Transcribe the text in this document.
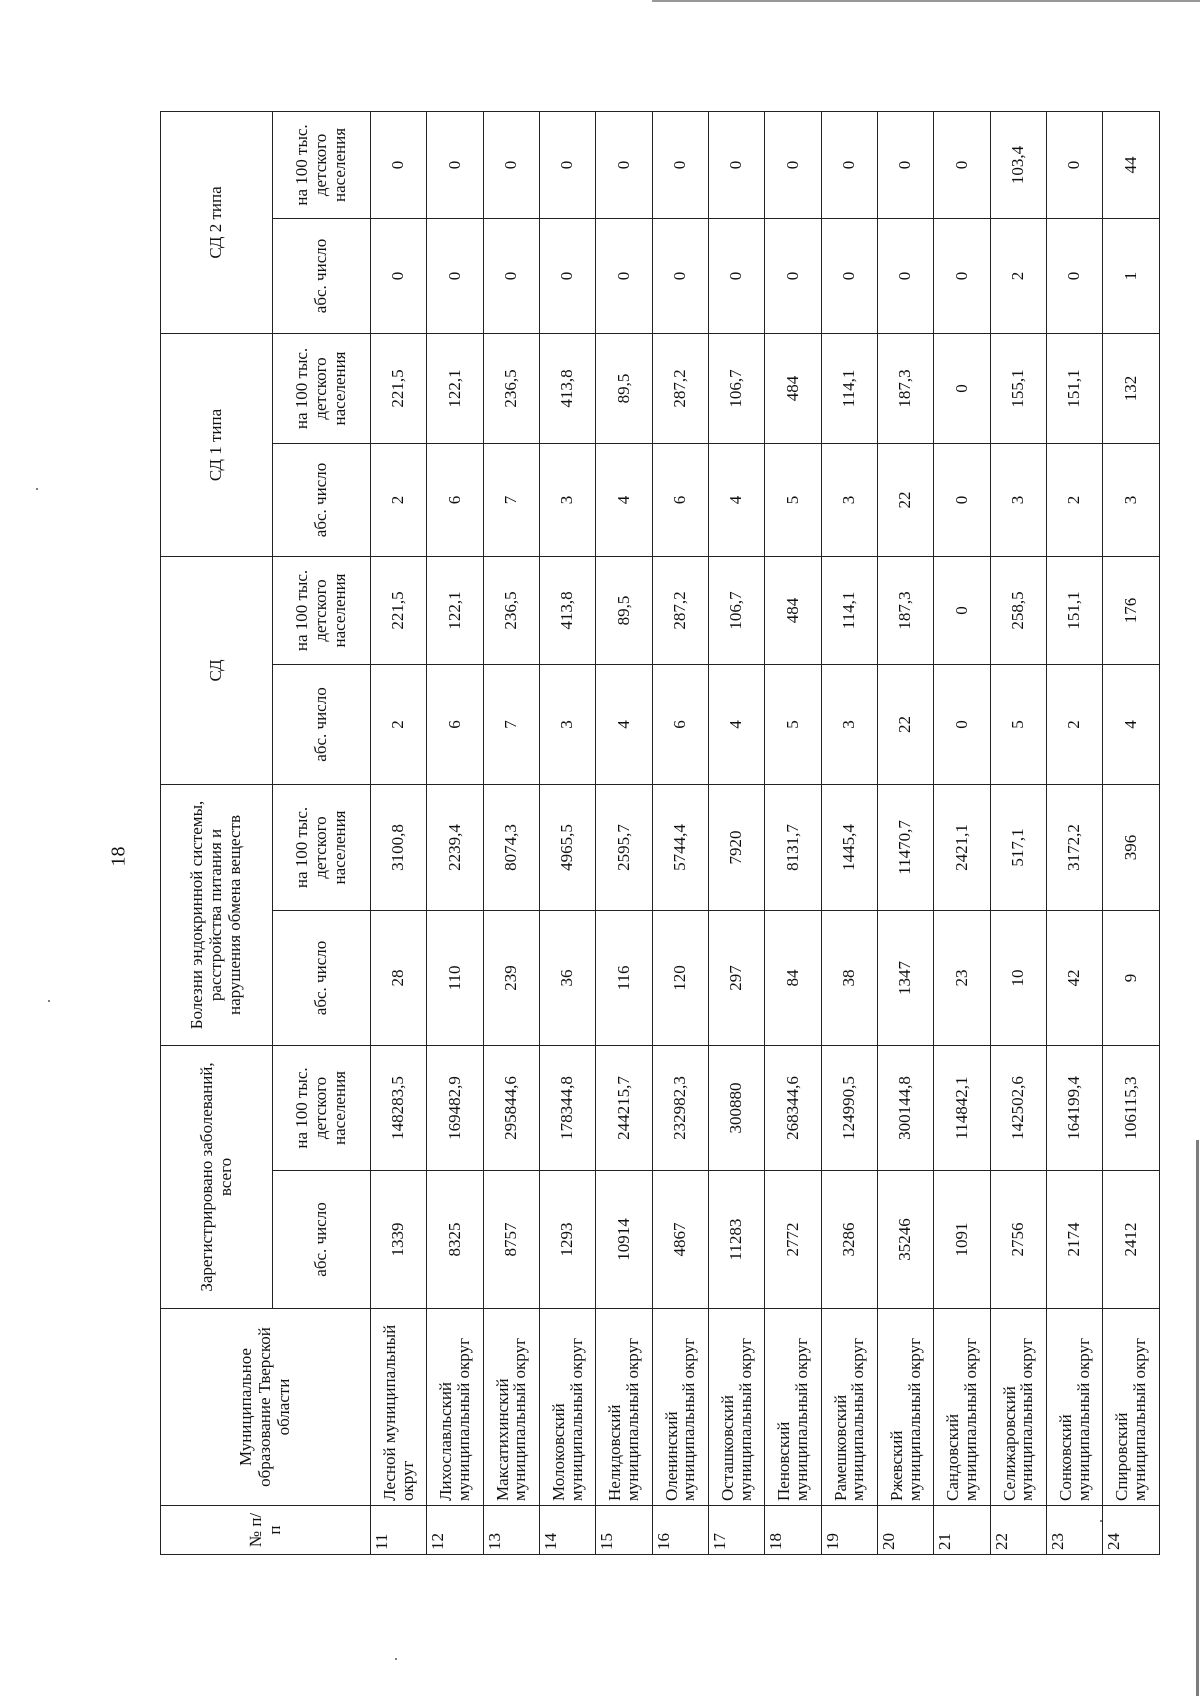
18
№ п/п	Муниципальное образование Тверской области	Зарегистрировано заболеваний, всего		Болезни эндокринной системы, расстройства питания и нарушения обмена веществ		СД		СД 1 типа		СД 2 типа	
		абс. число	на 100 тыс. детского населения	абс. число	на 100 тыс. детского населения	абс. число	на 100 тыс. детского населения	абс. число	на 100 тыс. детского населения	абс. число	на 100 тыс. детского населения
11	Лесной муниципальный округ	1339	148283,5	28	3100,8	2	221,5	2	221,5	0	0
12	Лихославльский муниципальный округ	8325	169482,9	110	2239,4	6	122,1	6	122,1	0	0
13	Максатихинский муниципальный округ	8757	295844,6	239	8074,3	7	236,5	7	236,5	0	0
14	Молоковский муниципальный округ	1293	178344,8	36	4965,5	3	413,8	3	413,8	0	0
15	Нелидовский муниципальный округ	10914	244215,7	116	2595,7	4	89,5	4	89,5	0	0
16	Оленинский муниципальный округ	4867	232982,3	120	5744,4	6	287,2	6	287,2	0	0
17	Осташковский муниципальный округ	11283	300880	297	7920	4	106,7	4	106,7	0	0
18	Пеновский муниципальный округ	2772	268344,6	84	8131,7	5	484	5	484	0	0
19	Рамешковский муниципальный округ	3286	124990,5	38	1445,4	3	114,1	3	114,1	0	0
20	Ржевский муниципальный округ	35246	300144,8	1347	11470,7	22	187,3	22	187,3	0	0
21	Сандовский муниципальный округ	1091	114842,1	23	2421,1	0	0	0	0	0	0
22	Селижаровский муниципальный округ	2756	142502,6	10	517,1	5	258,5	3	155,1	2	103,4
23	Сонковский муниципальный округ	2174	164199,4	42	3172,2	2	151,1	2	151,1	0	0
24	Спировский муниципальный округ	2412	106115,3	9	396	4	176	3	132	1	44
